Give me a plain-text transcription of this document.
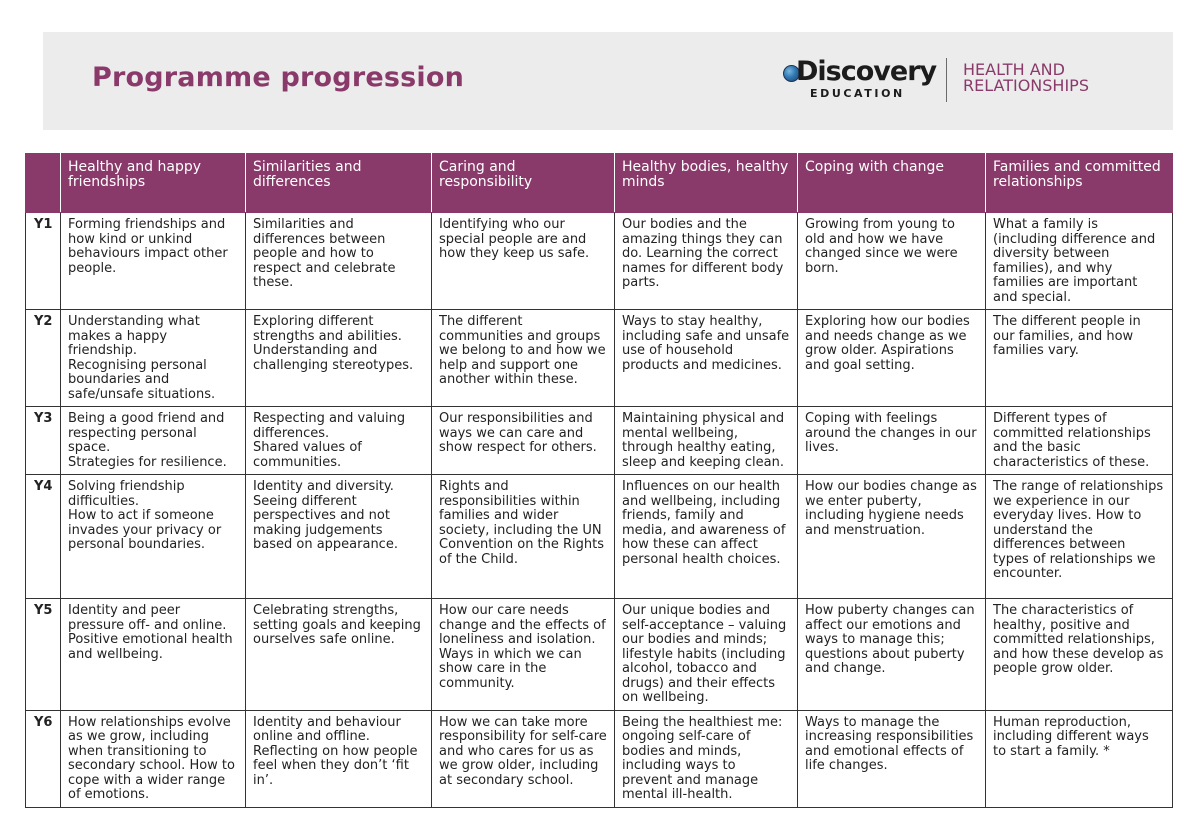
Programme progression	Discovery
EDUCATION
HEALTH AND
RELATIONSHIPS
	Healthy and happy friendships	Similarities and differences	Caring and responsibility	Healthy bodies, healthy minds	Coping with change	Families and committed relationships
Y1	Forming friendships and how kind or unkind behaviours impact other people.	Similarities and differences between people and how to respect and celebrate these.	Identifying who our special people are and how they keep us safe.	Our bodies and the amazing things they can do. Learning the correct names for different body parts.	Growing from young to old and how we have changed since we were born.	What a family is (including difference and diversity between families), and why families are important and special.

Y2	Understanding what makes a happy friendship.
Recognising personal boundaries and safe/unsafe situations.	Exploring different strengths and abilities.
Understanding and challenging stereotypes.	The different communities and groups we belong to and how we help and support one another within these.	Ways to stay healthy, including safe and unsafe use of household products and medicines.	Exploring how our bodies and needs change as we grow older. Aspirations and goal setting.	The different people in our families, and how families vary.

Y3	Being a good friend and respecting personal space.
Strategies for resilience.	Respecting and valuing differences.
Shared values of communities.	Our responsibilities and ways we can care and show respect for others.	Maintaining physical and mental wellbeing, through healthy eating, sleep and keeping clean.	Coping with feelings around the changes in our lives.	Different types of committed relationships and the basic characteristics of these.

Y4	Solving friendship difficulties.
How to act if someone invades your privacy or personal boundaries.	Identity and diversity.
Seeing different perspectives and not making judgements based on appearance.	Rights and responsibilities within families and wider society, including the UN Convention on the Rights of the Child.	Influences on our health and wellbeing, including friends, family and media, and awareness of how these can affect personal health choices.	How our bodies change as we enter puberty, including hygiene needs and menstruation.	The range of relationships we experience in our everyday lives. How to understand the differences between types of relationships we encounter.

Y5	Identity and peer pressure off- and online.
Positive emotional health and wellbeing.	Celebrating strengths, setting goals and keeping ourselves safe online.	How our care needs change and the effects of loneliness and isolation. Ways in which we can show care in the community.	Our unique bodies and self-acceptance – valuing our bodies and minds; lifestyle habits (including alcohol, tobacco and drugs) and their effects on wellbeing.	How puberty changes can affect our emotions and ways to manage this; questions about puberty and change.	The characteristics of healthy, positive and committed relationships, and how these develop as people grow older.

Y6	How relationships evolve as we grow, including when transitioning to secondary school. How to cope with a wider range of emotions.	Identity and behaviour online and offline.
Reflecting on how people feel when they don’t ‘fit in’.	How we can take more responsibility for self-care and who cares for us as we grow older, including at secondary school.	Being the healthiest me: ongoing self-care of bodies and minds, including ways to prevent and manage mental ill-health.	Ways to manage the increasing responsibilities and emotional effects of life changes.	Human reproduction, including different ways to start a family. *
